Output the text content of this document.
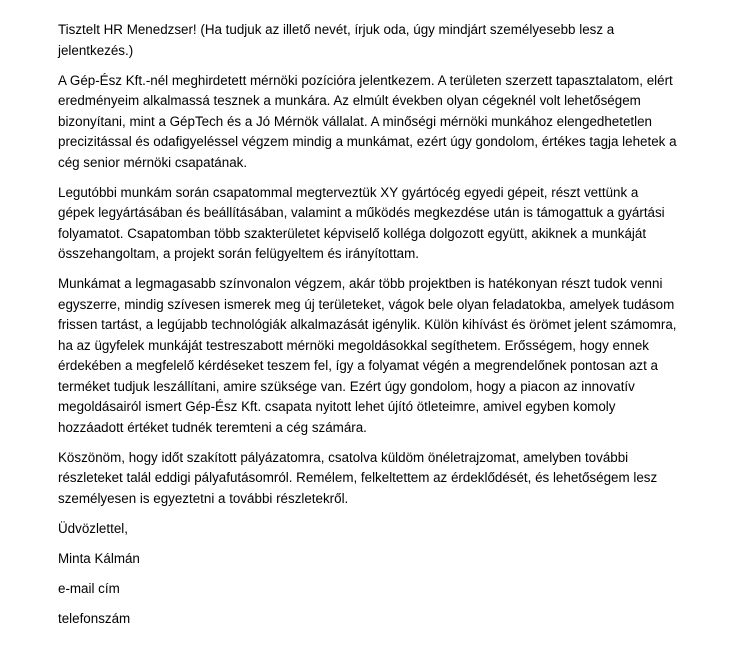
Tisztelt HR Menedzser! (Ha tudjuk az illető nevét, írjuk oda, úgy mindjárt személyesebb lesz a jelentkezés.)

A Gép-Ész Kft.-nél meghirdetett mérnöki pozícióra jelentkezem. A területen szerzett tapasztalatom, elért eredményeim alkalmassá tesznek a munkára. Az elmúlt években olyan cégeknél volt lehetőségem bizonyítani, mint a GépTech és a Jó Mérnök vállalat. A minőségi mérnöki munkához elengedhetetlen precizitással és odafigyeléssel végzem mindig a munkámat, ezért úgy gondolom, értékes tagja lehetek a cég senior mérnöki csapatának.

Legutóbbi munkám során csapatommal megterveztük XY gyártócég egyedi gépeit, részt vettünk a gépek legyártásában és beállításában, valamint a működés megkezdése után is támogattuk a gyártási folyamatot. Csapatomban több szakterületet képviselő kolléga dolgozott együtt, akiknek a munkáját összehangoltam, a projekt során felügyeltem és irányítottam.

Munkámat a legmagasabb színvonalon végzem, akár több projektben is hatékonyan részt tudok venni egyszerre, mindig szívesen ismerek meg új területeket, vágok bele olyan feladatokba, amelyek tudásom frissen tartást, a legújabb technológiák alkalmazását igénylik. Külön kihívást és örömet jelent számomra, ha az ügyfelek munkáját testreszabott mérnöki megoldásokkal segíthetem. Erősségem, hogy ennek érdekében a megfelelő kérdéseket teszem fel, így a folyamat végén a megrendelőnek pontosan azt a terméket tudjuk leszállítani, amire szüksége van. Ezért úgy gondolom, hogy a piacon az innovatív megoldásairól ismert Gép-Ész Kft. csapata nyitott lehet újító ötleteimre, amivel egyben komoly hozzáadott értéket tudnék teremteni a cég számára.

Köszönöm, hogy időt szakított pályázatomra, csatolva küldöm önéletrajzomat, amelyben további részleteket talál eddigi pályafutásomról. Remélem, felkeltettem az érdeklődését, és lehetőségem lesz személyesen is egyeztetni a további részletekről.

Üdvözlettel,

Minta Kálmán

e-mail cím

telefonszám
